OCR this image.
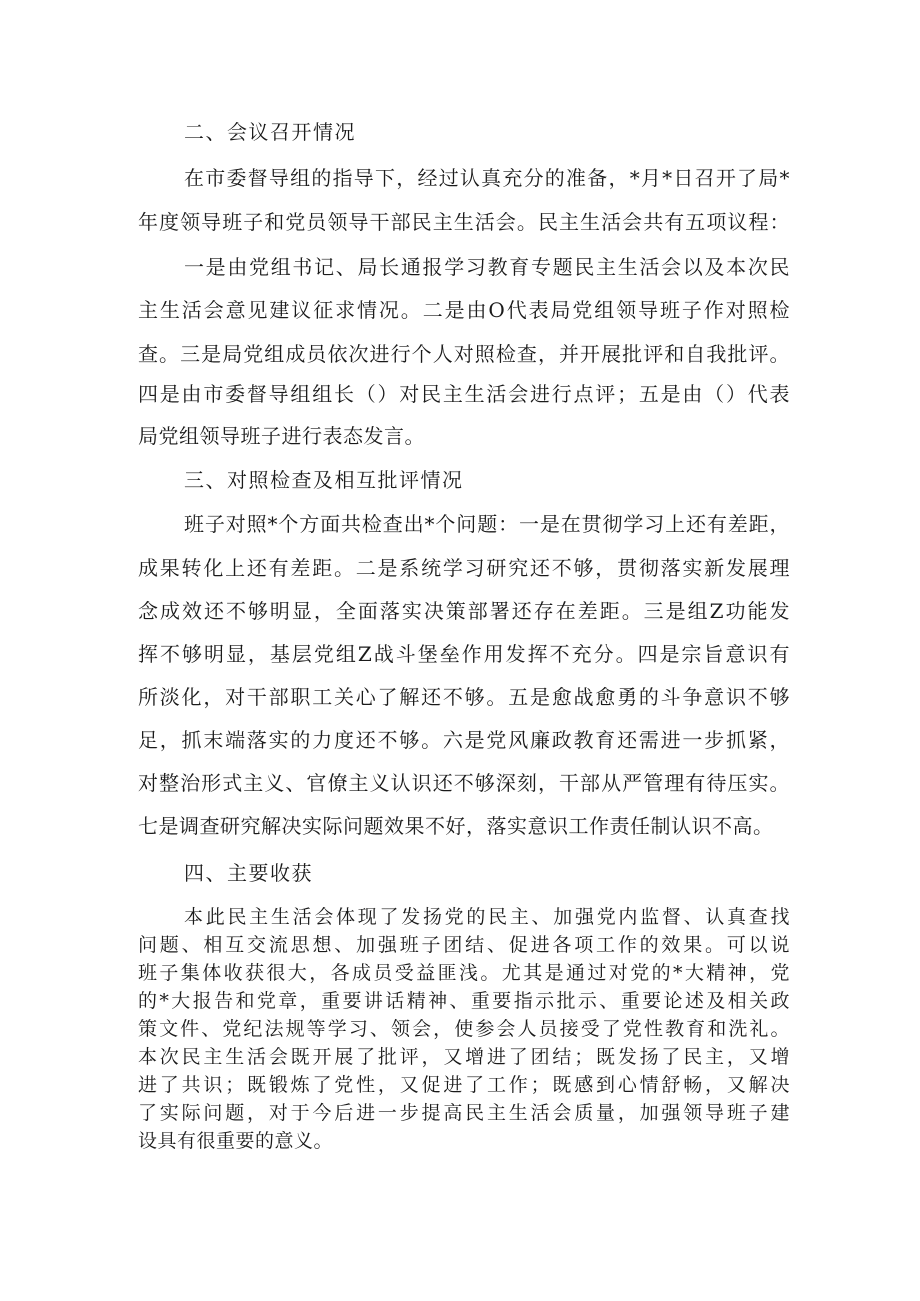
二、会议召开情况
在市委督导组的指导下，经过认真充分的准备，*月*日召开了局*
年度领导班子和党员领导干部民主生活会。民主生活会共有五项议程：
一是由党组书记、局长通报学习教育专题民主生活会以及本次民
主生活会意见建议征求情况。二是由O代表局党组领导班子作对照检
查。三是局党组成员依次进行个人对照检查，并开展批评和自我批评。
四是由市委督导组组长（）对民主生活会进行点评；五是由（）代表
局党组领导班子进行表态发言。
三、对照检查及相互批评情况
班子对照*个方面共检查出*个问题：一是在贯彻学习上还有差距，
成果转化上还有差距。二是系统学习研究还不够，贯彻落实新发展理
念成效还不够明显，全面落实决策部署还存在差距。三是组Z功能发
挥不够明显，基层党组Z战斗堡垒作用发挥不充分。四是宗旨意识有
所淡化，对干部职工关心了解还不够。五是愈战愈勇的斗争意识不够
足，抓末端落实的力度还不够。六是党风廉政教育还需进一步抓紧，
对整治形式主义、官僚主义认识还不够深刻，干部从严管理有待压实。
七是调查研究解决实际问题效果不好，落实意识工作责任制认识不高。
四、主要收获
本此民主生活会体现了发扬党的民主、加强党内监督、认真查找
问题、相互交流思想、加强班子团结、促进各项工作的效果。可以说
班子集体收获很大，各成员受益匪浅。尤其是通过对党的*大精神，党
的*大报告和党章，重要讲话精神、重要指示批示、重要论述及相关政
策文件、党纪法规等学习、领会，使参会人员接受了党性教育和洗礼。
本次民主生活会既开展了批评，又增进了团结；既发扬了民主，又增
进了共识；既锻炼了党性，又促进了工作；既感到心情舒畅，又解决
了实际问题，对于今后进一步提高民主生活会质量，加强领导班子建
设具有很重要的意义。
